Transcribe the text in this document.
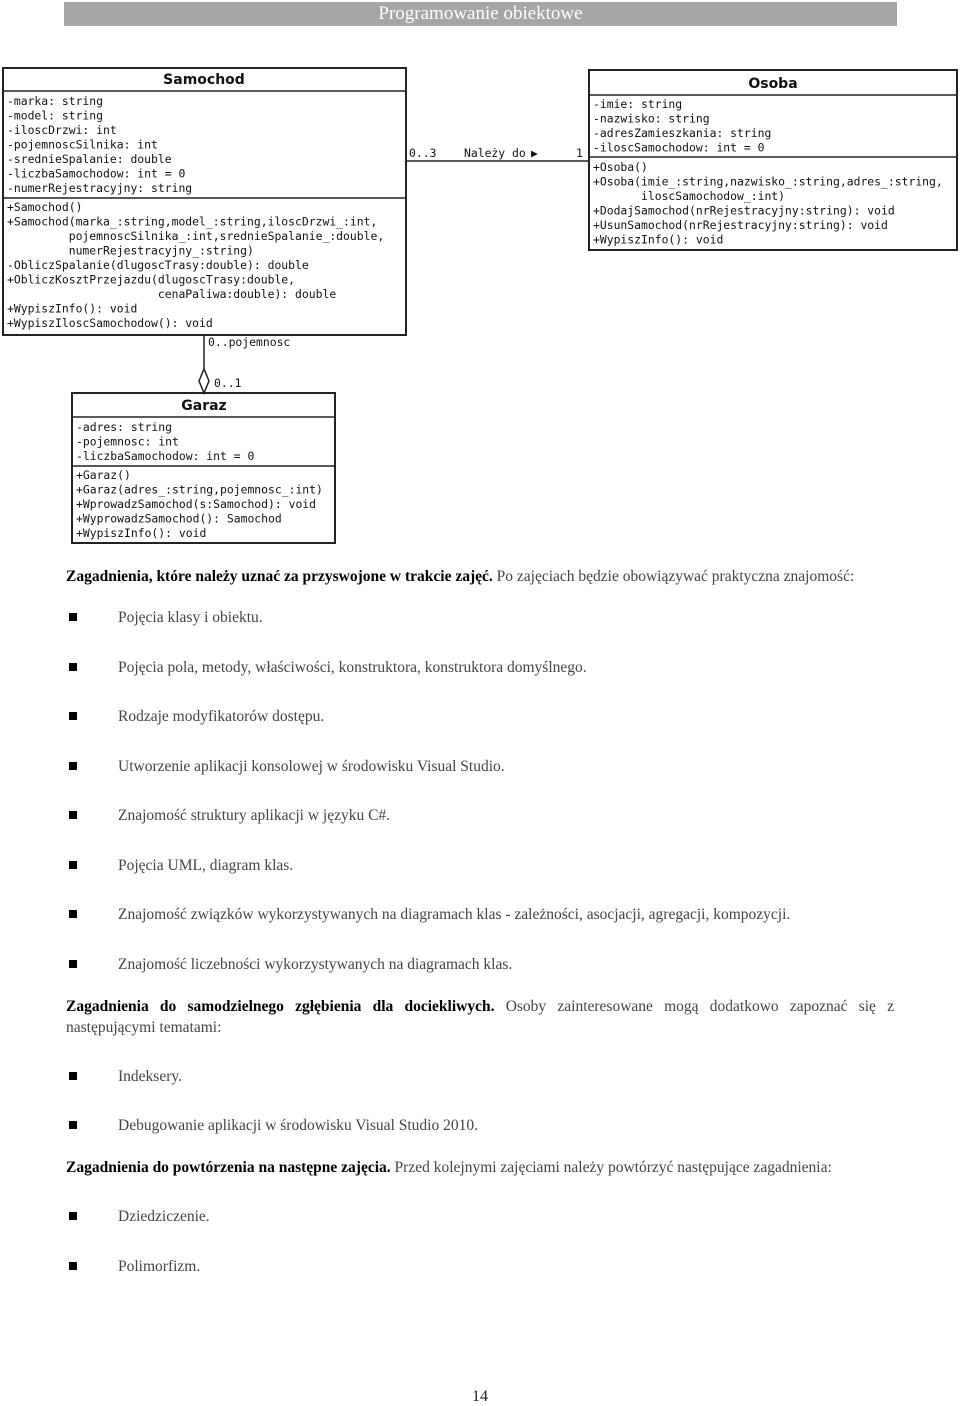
Programowanie obiektowe
Samochod
-marka: string
-model: string
-iloscDrzwi: int
-pojemnoscSilnika: int
-srednieSpalanie: double
-liczbaSamochodow: int = 0
-numerRejestracyjny: string
+Samochod()
+Samochod(marka_:string,model_:string,iloscDrzwi_:int,
pojemnoscSilnika_:int,srednieSpalanie_:double,
numerRejestracyjny_:string)
-ObliczSpalanie(dlugoscTrasy:double): double
+ObliczKosztPrzejazdu(dlugoscTrasy:double,
cenaPaliwa:double): double
+WypiszInfo(): void
+WypiszIloscSamochodow(): void
Osoba
-imie: string
-nazwisko: string
-adresZamieszkania: string
-iloscSamochodow: int = 0
+Osoba()
+Osoba(imie_:string,nazwisko_:string,adres_:string,
iloscSamochodow_:int)
+DodajSamochod(nrRejestracyjny:string): void
+UsunSamochod(nrRejestracyjny:string): void
+WypiszInfo(): void
Garaz
-adres: string
-pojemnosc: int
-liczbaSamochodow: int = 0
+Garaz()
+Garaz(adres_:string,pojemnosc_:int)
+WprowadzSamochod(s:Samochod): void
+WyprowadzSamochod(): Samochod
+WypiszInfo(): void
0..3 Należy do ▶	1
0..pojemnosc
0..1

Zagadnienia, które należy uznać za przyswojone w trakcie zajęć. Po zajęciach będzie obowiązywać praktyczna znajomość:

Pojęcia klasy i obiektu.
Pojęcia pola, metody, właściwości, konstruktora, konstruktora domyślnego.
Rodzaje modyfikatorów dostępu.
Utworzenie aplikacji konsolowej w środowisku Visual Studio.
Znajomość struktury aplikacji w języku C#.
Pojęcia UML, diagram klas.
Znajomość związków wykorzystywanych na diagramach klas - zależności, asocjacji, agregacji, kompozycji.
Znajomość liczebności wykorzystywanych na diagramach klas.

Zagadnienia do samodzielnego zgłębienia dla dociekliwych. Osoby zainteresowane mogą dodatkowo zapoznać się z następującymi tematami:

Indeksery.
Debugowanie aplikacji w środowisku Visual Studio 2010.

Zagadnienia do powtórzenia na następne zajęcia. Przed kolejnymi zajęciami należy powtórzyć następujące zagadnienia:

Dziedziczenie.
Polimorfizm.
14
